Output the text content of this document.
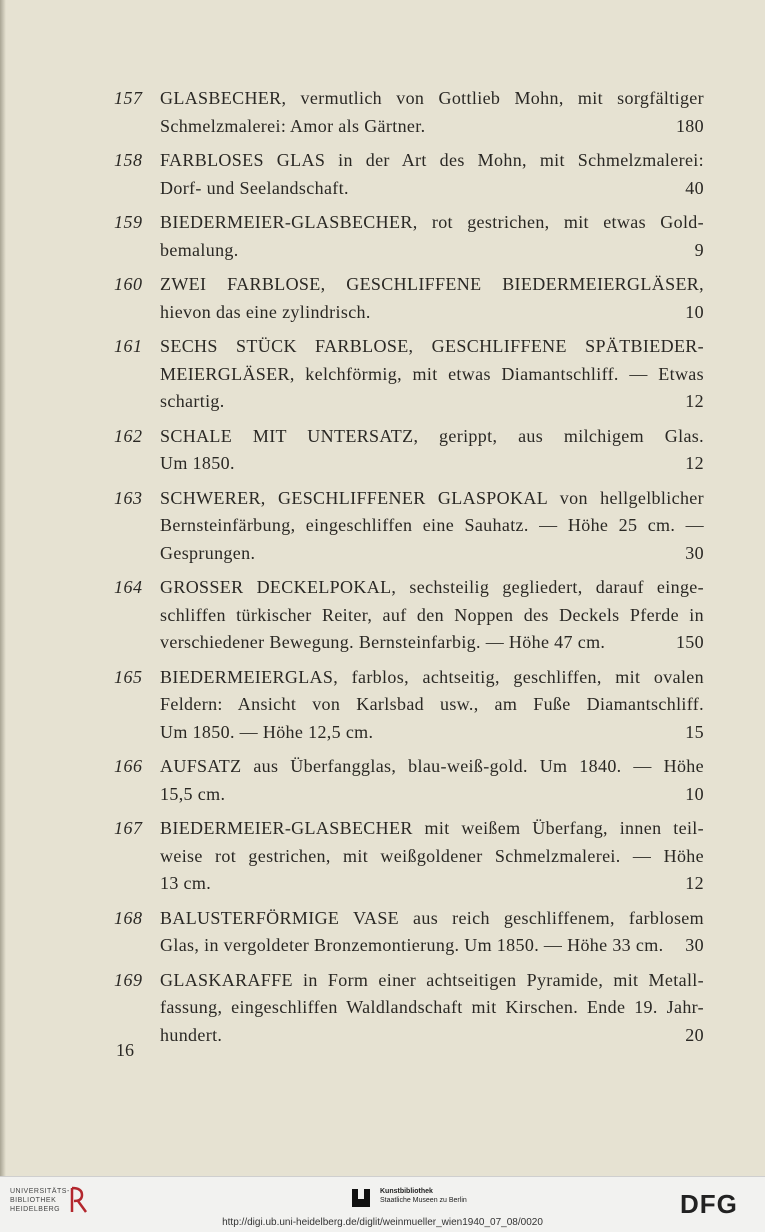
157 GLASBECHER, vermutlich von Gottlieb Mohn, mit sorgfältiger
Schmelzmalerei: Amor als Gärtner.	180
158 FARBLOSES GLAS in der Art des Mohn, mit Schmelzmalerei:
Dorf- und Seelandschaft.	40
159 BIEDERMEIER-GLASBECHER, rot gestrichen, mit etwas Gold-
bemalung.	9
160 ZWEI FARBLOSE, GESCHLIFFENE BIEDERMEIERGLÄSER,
hievon das eine zylindrisch.	10
161 SECHS STÜCK FARBLOSE, GESCHLIFFENE SPÄTBIEDER-
MEIERGLÄSER, kelchförmig, mit etwas Diamantschliff. — Etwas
schartig.	12
162 SCHALE MIT UNTERSATZ, gerippt, aus milchigem Glas.
Um 1850.	12
163 SCHWERER, GESCHLIFFENER GLASPOKAL von hellgelblicher
Bernsteinfärbung, eingeschliffen eine Sauhatz. — Höhe 25 cm. —
Gesprungen.	30
164 GROSSER DECKELPOKAL, sechsteilig gegliedert, darauf einge-
schliffen türkischer Reiter, auf den Noppen des Deckels Pferde in
verschiedener Bewegung. Bernsteinfarbig. — Höhe 47 cm.	150
165 BIEDERMEIERGLAS, farblos, achtseitig, geschliffen, mit ovalen
Feldern: Ansicht von Karlsbad usw., am Fuße Diamantschliff.
Um 1850. — Höhe 12,5 cm.	15
166 AUFSATZ aus Überfangglas, blau-weiß-gold. Um 1840. — Höhe
15,5 cm.	10
167 BIEDERMEIER-GLASBECHER mit weißem Überfang, innen teil-
weise rot gestrichen, mit weißgoldener Schmelzmalerei. — Höhe
13 cm.	12
168 BALUSTERFÖRMIGE VASE aus reich geschliffenem, farblosem
Glas, in vergoldeter Bronzemontierung. Um 1850. — Höhe 33 cm. 30
169 GLASKARAFFE in Form einer achtseitigen Pyramide, mit Metall-
fassung, eingeschliffen Waldlandschaft mit Kirschen. Ende 19. Jahr-
hundert.	20
16
UNIVERSITÄTS-
BIBLIOTHEK
HEIDELBERG
Kunstbibliothek
Staatliche Museen zu Berlin	DFG
http://digi.ub.uni-heidelberg.de/diglit/weinmueller_wien1940_07_08/0020
